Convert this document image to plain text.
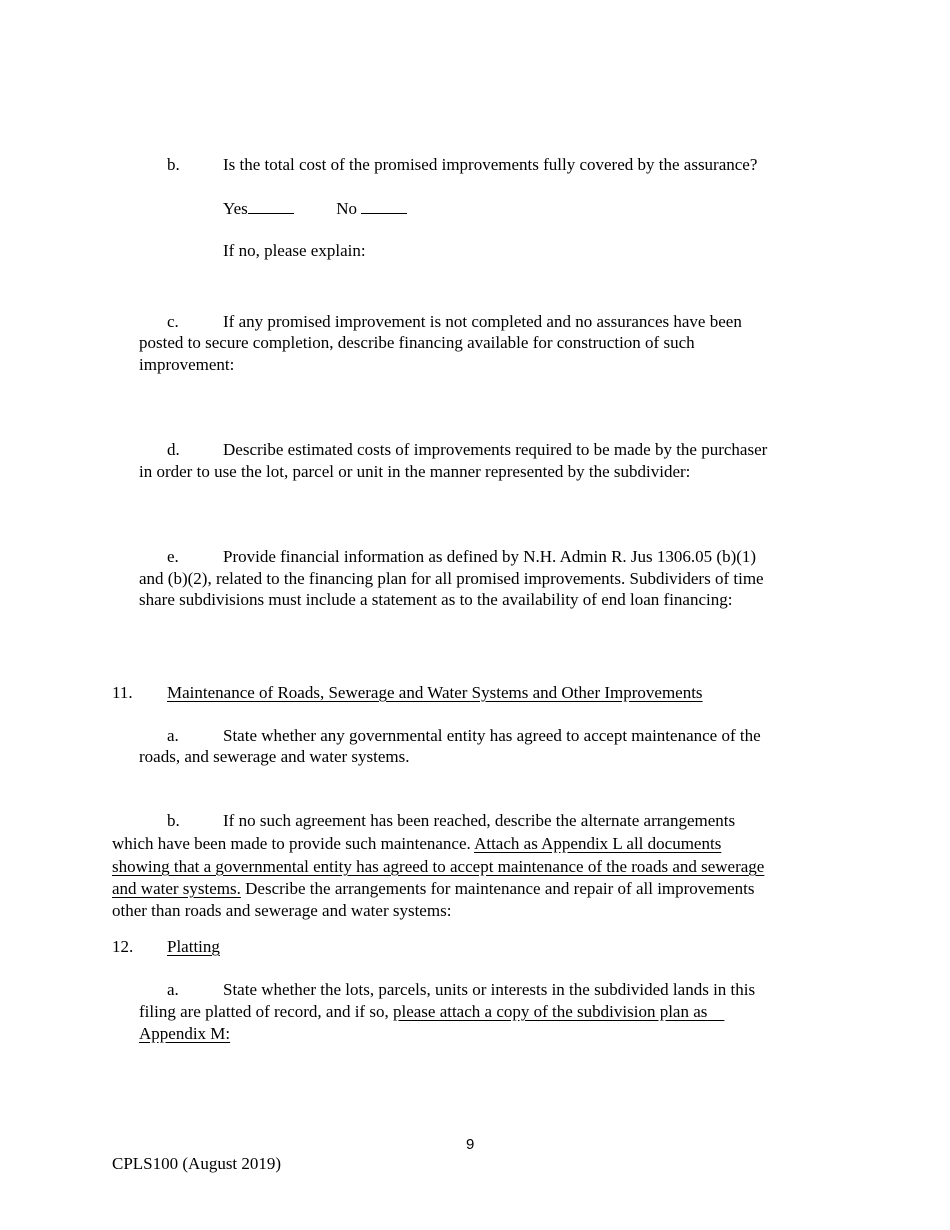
b.	Is the total cost of the promised improvements fully covered by the assurance?
Yes	No
If no, please explain:
c.	If any promised improvement is not completed and no assurances have been
posted to secure completion, describe financing available for construction of such
improvement:
d.	Describe estimated costs of improvements required to be made by the purchaser
in order to use the lot, parcel or unit in the manner represented by the subdivider:
e.	Provide financial information as defined by N.H. Admin R. Jus 1306.05 (b)(1)
and (b)(2), related to the financing plan for all promised improvements. Subdividers of time
share subdivisions must include a statement as to the availability of end loan financing:
11. Maintenance of Roads, Sewerage and Water Systems and Other Improvements
a.	State whether any governmental entity has agreed to accept maintenance of the
roads, and sewerage and water systems.
b.	If no such agreement has been reached, describe the alternate arrangements
which have been made to provide such maintenance. Attach as Appendix L all documents
showing that a governmental entity has agreed to accept maintenance of the roads and sewerage
and water systems. Describe the arrangements for maintenance and repair of all improvements
other than roads and sewerage and water systems:
12. Platting
a.	State whether the lots, parcels, units or interests in the subdivided lands in this
filing are platted of record, and if so, please attach a copy of the subdivision plan as
Appendix M:
9
CPLS100 (August 2019)
